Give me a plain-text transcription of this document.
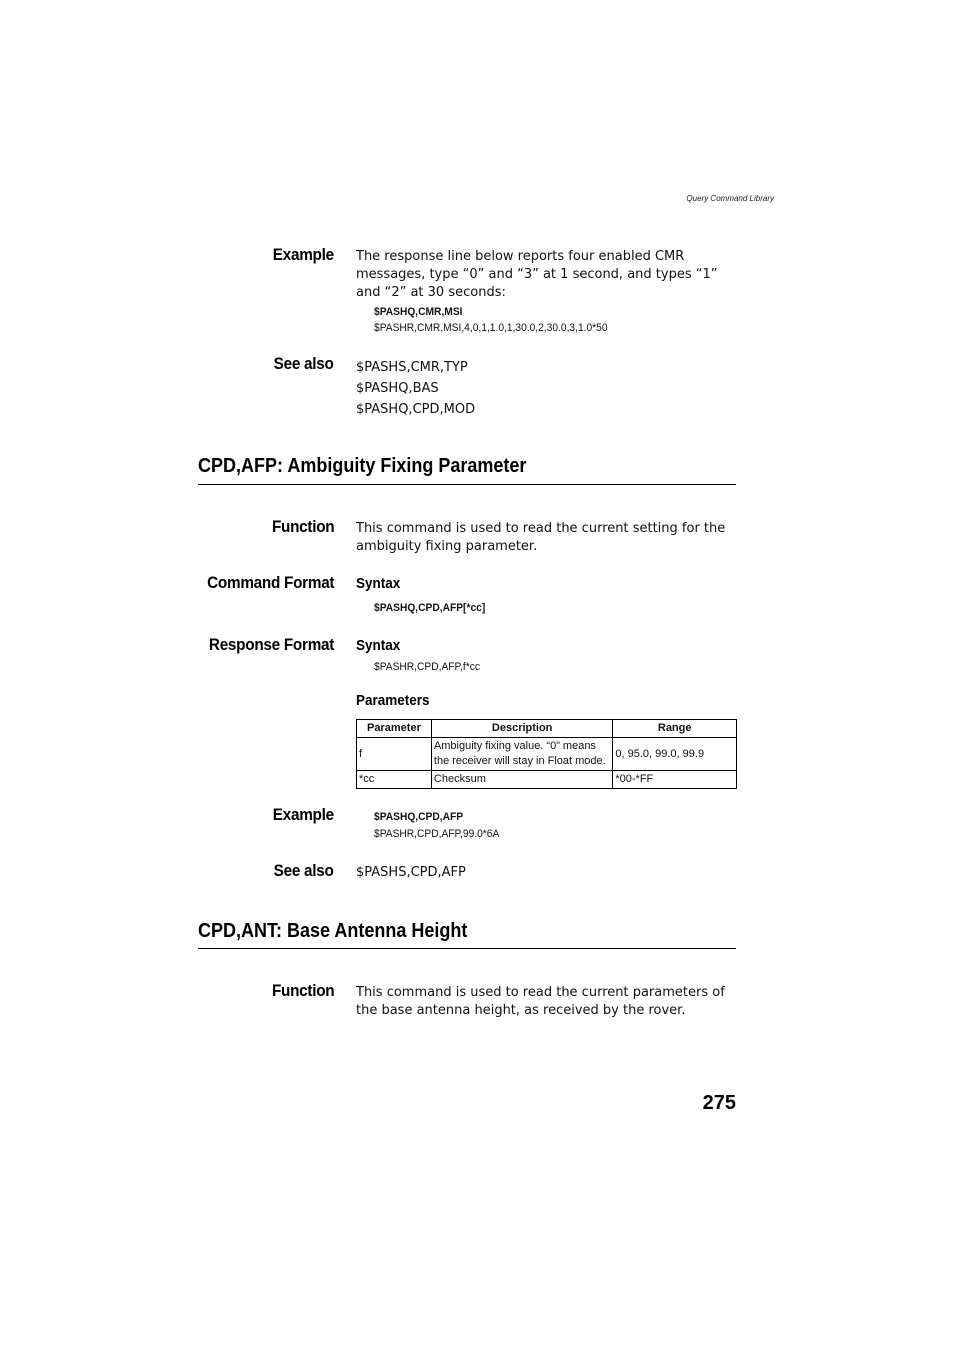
Query Command Library
Example The response line below reports four enabled CMR messages, type “0” and “3” at 1 second, and types “1” and “2” at 30 seconds:
$PASHQ,CMR,MSI
$PASHR,CMR,MSI,4,0,1,1.0,1,30.0,2,30.0,3,1.0*50
See also $PASHS,CMR,TYP
$PASHQ,BAS
$PASHQ,CPD,MOD
CPD,AFP: Ambiguity Fixing Parameter
Function This command is used to read the current setting for the ambiguity fixing parameter.
Command Format Syntax
$PASHQ,CPD,AFP[*cc]
Response Format Syntax
$PASHR,CPD,AFP,f*cc
Parameters
Parameter	Description	Range
f	Ambiguity fixing value. “0” means the receiver will stay in Float mode.	0, 95.0, 99.0, 99.9
*cc	Checksum	*00-*FF
Example	$PASHQ,CPD,AFP
$PASHR,CPD,AFP,99.0*6A
See also $PASHS,CPD,AFP
CPD,ANT: Base Antenna Height
Function This command is used to read the current parameters of the base antenna height, as received by the rover.
275
